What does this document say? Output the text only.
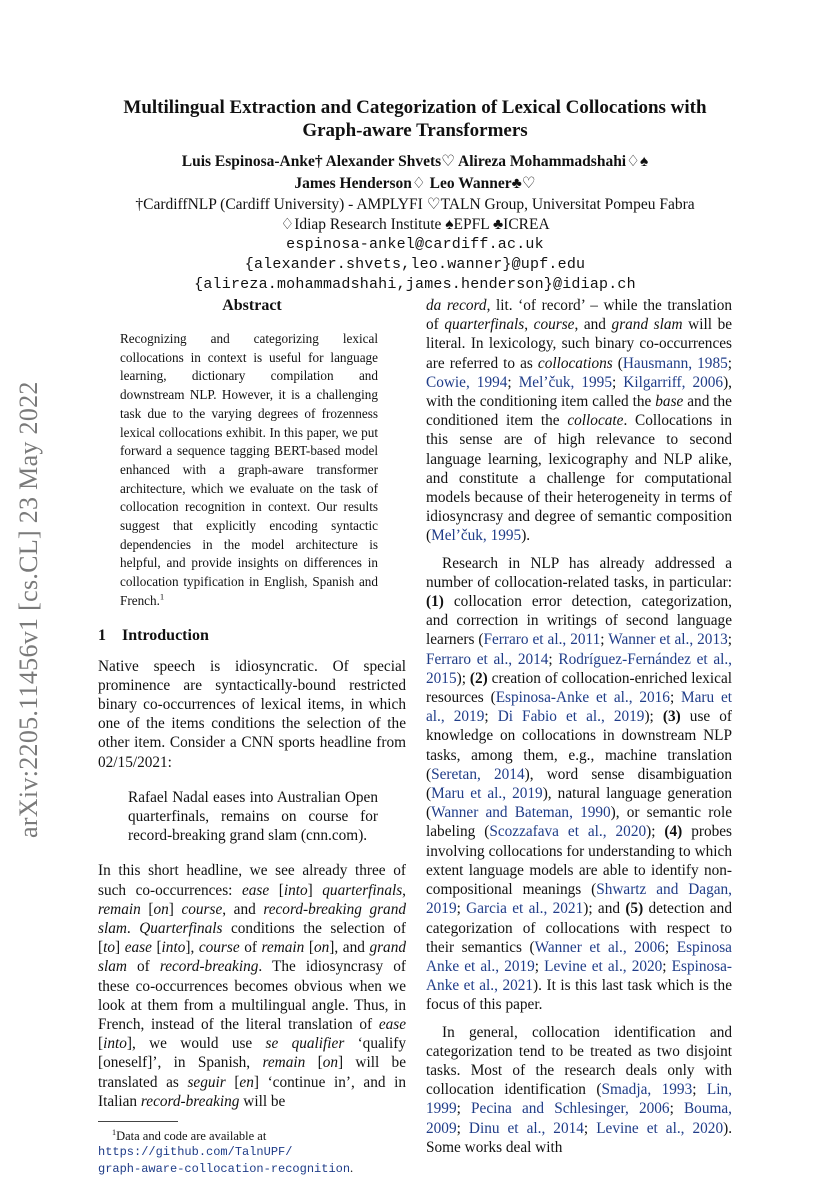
arXiv:2205.11456v1 [cs.CL] 23 May 2022
Multilingual Extraction and Categorization of Lexical Collocations with
Graph-aware Transformers
Luis Espinosa-Anke† Alexander Shvets♡ Alireza Mohammadshahi♢♠
James Henderson♢ Leo Wanner♣♡
†CardiffNLP (Cardiff University) - AMPLYFI ♡TALN Group, Universitat Pompeu Fabra
♢Idiap Research Institute ♠EPFL ♣ICREA
espinosa-ankel@cardiff.ac.uk
{alexander.shvets,leo.wanner}@upf.edu
{alireza.mohammadshahi,james.henderson}@idiap.ch
Abstract
Recognizing and categorizing lexical collocations in context is useful for language learning, dictionary compilation and downstream NLP. However, it is a challenging task due to the varying degrees of frozenness lexical collocations exhibit. In this paper, we put forward a sequence tagging BERT-based model enhanced with a graph-aware transformer architecture, which we evaluate on the task of collocation recognition in context. Our results suggest that explicitly encoding syntactic dependencies in the model architecture is helpful, and provide insights on differences in collocation typification in English, Spanish and French.$^1$
1 Introduction

Native speech is idiosyncratic. Of special prominence are syntactically-bound restricted binary co-occurrences of lexical items, in which one of the items conditions the selection of the other item. Consider a CNN sports headline from 02/15/2021:

Rafael Nadal eases into Australian Open quarterfinals, remains on course for record-breaking grand slam (cnn.com).

In this short headline, we see already three of such co-occurrences: ease [into] quarterfinals, remain [on] course, and record-breaking grand slam. Quarterfinals conditions the selection of [to] ease [into], course of remain [on], and grand slam of record-breaking. The idiosyncrasy of these co-occurrences becomes obvious when we look at them from a multilingual angle. Thus, in French, instead of the literal translation of ease [into], we would use se qualifier ‘qualify [oneself]’, in Spanish, remain [on] will be translated as seguir [en] ‘continue in’, and in Italian record-breaking will be

$^1$Data and code are available at
https://github.com/TalnUPF/
graph-aware-collocation-recognition.

da record, lit. ‘of record’ – while the translation of quarterfinals, course, and grand slam will be literal. In lexicology, such binary co-occurrences are referred to as collocations (Hausmann, 1985; Cowie, 1994; Mel’čuk, 1995; Kilgarriff, 2006), with the conditioning item called the base and the conditioned item the collocate. Collocations in this sense are of high relevance to second language learning, lexicography and NLP alike, and constitute a challenge for computational models because of their heterogeneity in terms of idiosyncrasy and degree of semantic composition (Mel’čuk, 1995).

Research in NLP has already addressed a number of collocation-related tasks, in particular: (1) collocation error detection, categorization, and correction in writings of second language learners (Ferraro et al., 2011; Wanner et al., 2013; Ferraro et al., 2014; Rodríguez-Fernández et al., 2015); (2) creation of collocation-enriched lexical resources (Espinosa-Anke et al., 2016; Maru et al., 2019; Di Fabio et al., 2019); (3) use of knowledge on collocations in downstream NLP tasks, among them, e.g., machine translation (Seretan, 2014), word sense disambiguation (Maru et al., 2019), natural language generation (Wanner and Bateman, 1990), or semantic role labeling (Scozzafava et al., 2020); (4) probes involving collocations for understanding to which extent language models are able to identify non-compositional meanings (Shwartz and Dagan, 2019; Garcia et al., 2021); and (5) detection and categorization of collocations with respect to their semantics (Wanner et al., 2006; Espinosa Anke et al., 2019; Levine et al., 2020; Espinosa-Anke et al., 2021). It is this last task which is the focus of this paper.

In general, collocation identification and categorization tend to be treated as two disjoint tasks. Most of the research deals only with collocation identification (Smadja, 1993; Lin, 1999; Pecina and Schlesinger, 2006; Bouma, 2009; Dinu et al., 2014; Levine et al., 2020). Some works deal with
